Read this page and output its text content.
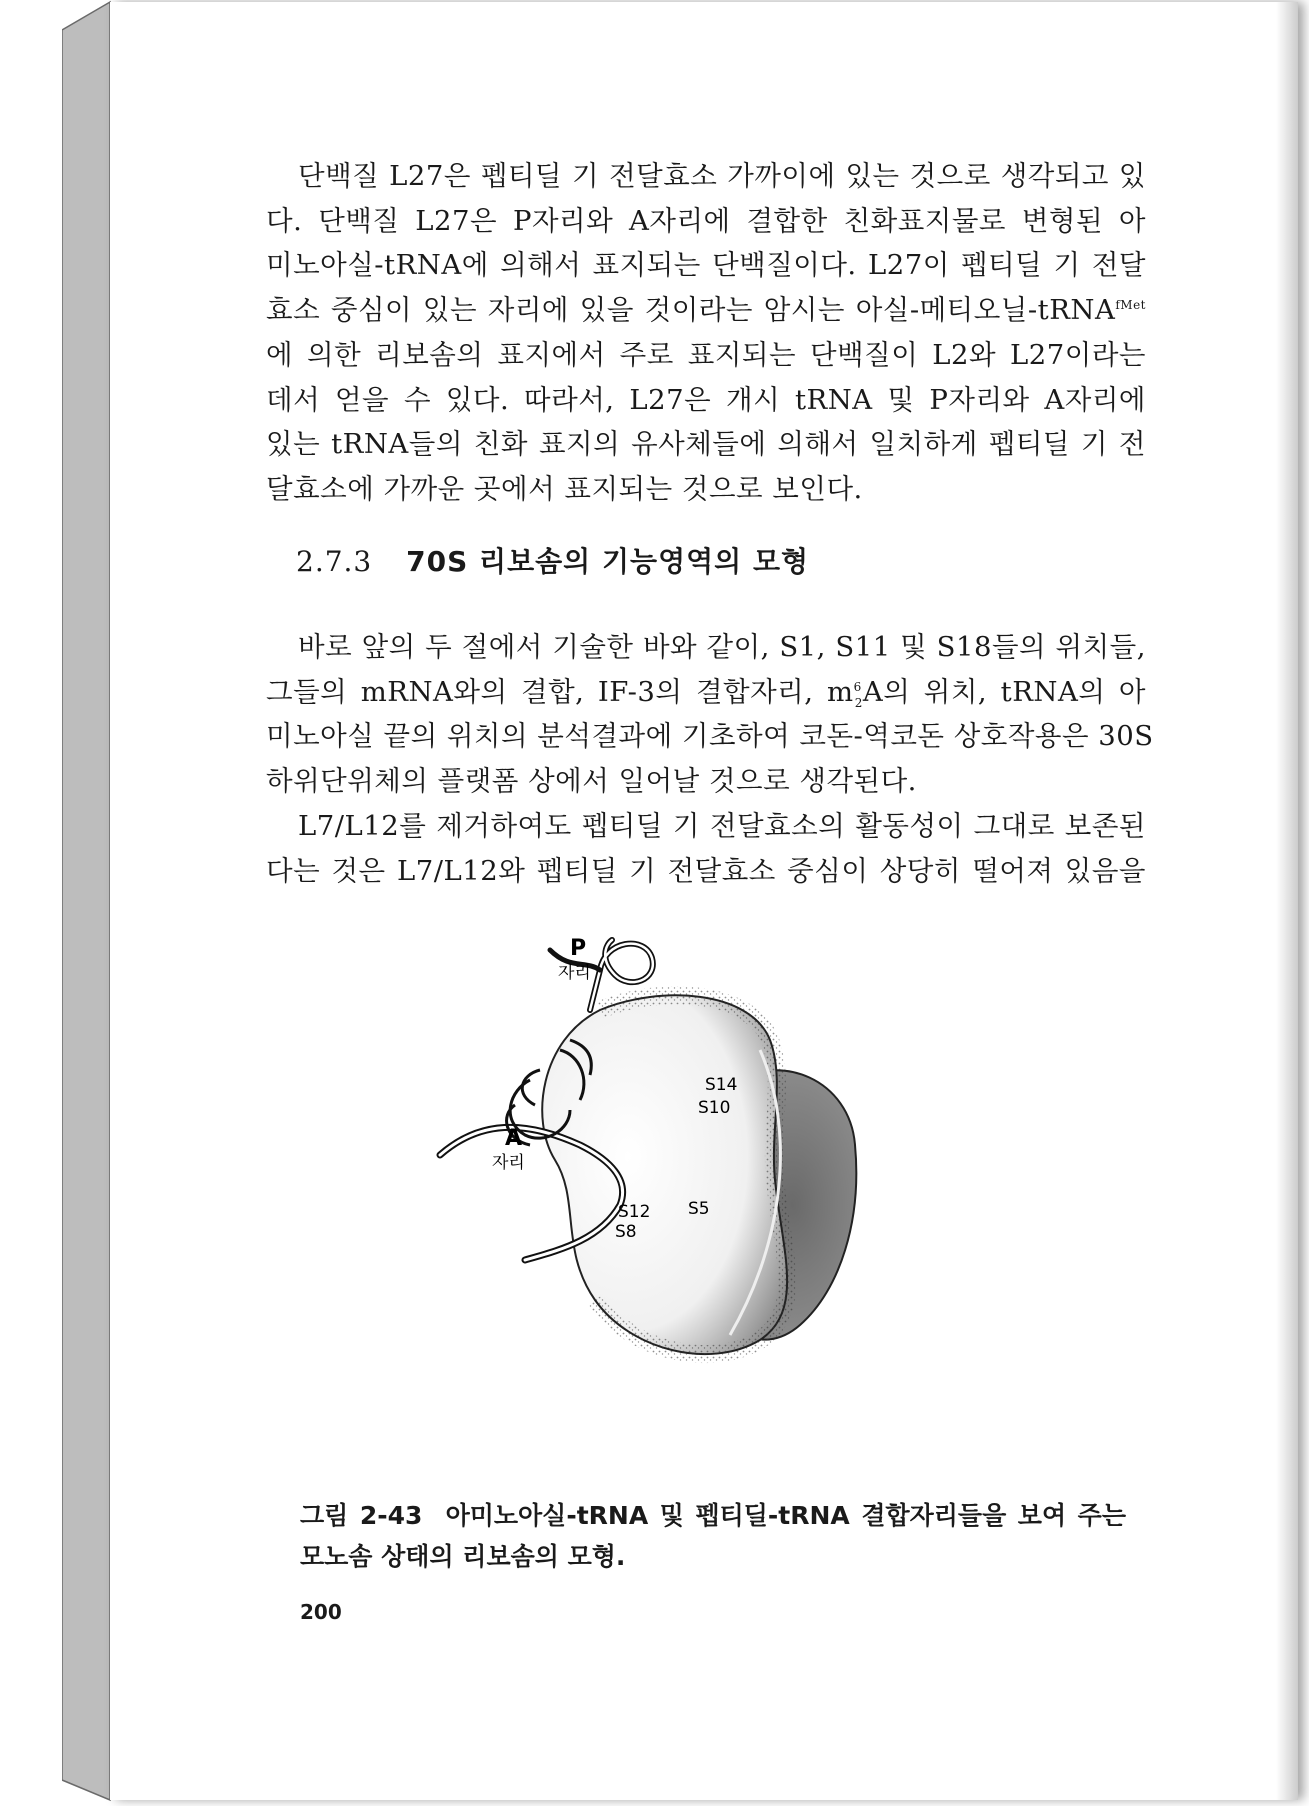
단백질 L27은 펩티딜 기 전달효소 가까이에 있는 것으로 생각되고 있
다. 단백질 L27은 P자리와 A자리에 결합한 친화표지물로 변형된 아
미노아실-tRNA에 의해서 표지되는 단백질이다. L27이 펩티딜 기 전달
효소 중심이 있는 자리에 있을 것이라는 암시는 아실-메티오닐-tRNA$^{fMet}$
에 의한 리보솜의 표지에서 주로 표지되는 단백질이 L2와 L27이라는
데서 얻을 수 있다. 따라서, L27은 개시 tRNA 및 P자리와 A자리에
있는 tRNA들의 친화 표지의 유사체들에 의해서 일치하게 펩티딜 기 전
달효소에 가까운 곳에서 표지되는 것으로 보인다.
2.7.3 70S 리보솜의 기능영역의 모형
바로 앞의 두 절에서 기술한 바와 같이, S1, S11 및 S18들의 위치들,
그들의 mRNA와의 결합, IF-3의 결합자리, $m^6_2A$의 위치, tRNA의 아
미노아실 끝의 위치의 분석결과에 기초하여 코돈-역코돈 상호작용은 30S
하위단위체의 플랫폼 상에서 일어날 것으로 생각된다.
L7/L12를 제거하여도 펩티딜 기 전달효소의 활동성이 그대로 보존된
다는 것은 L7/L12와 펩티딜 기 전달효소 중심이 상당히 떨어져 있음을
P
자리
A
자리
S14
S10
S12
S8
S5
그림 2-43 아미노아실-tRNA 및 펩티딜-tRNA 결합자리들을 보여 주는
모노솜 상태의 리보솜의 모형.
200
